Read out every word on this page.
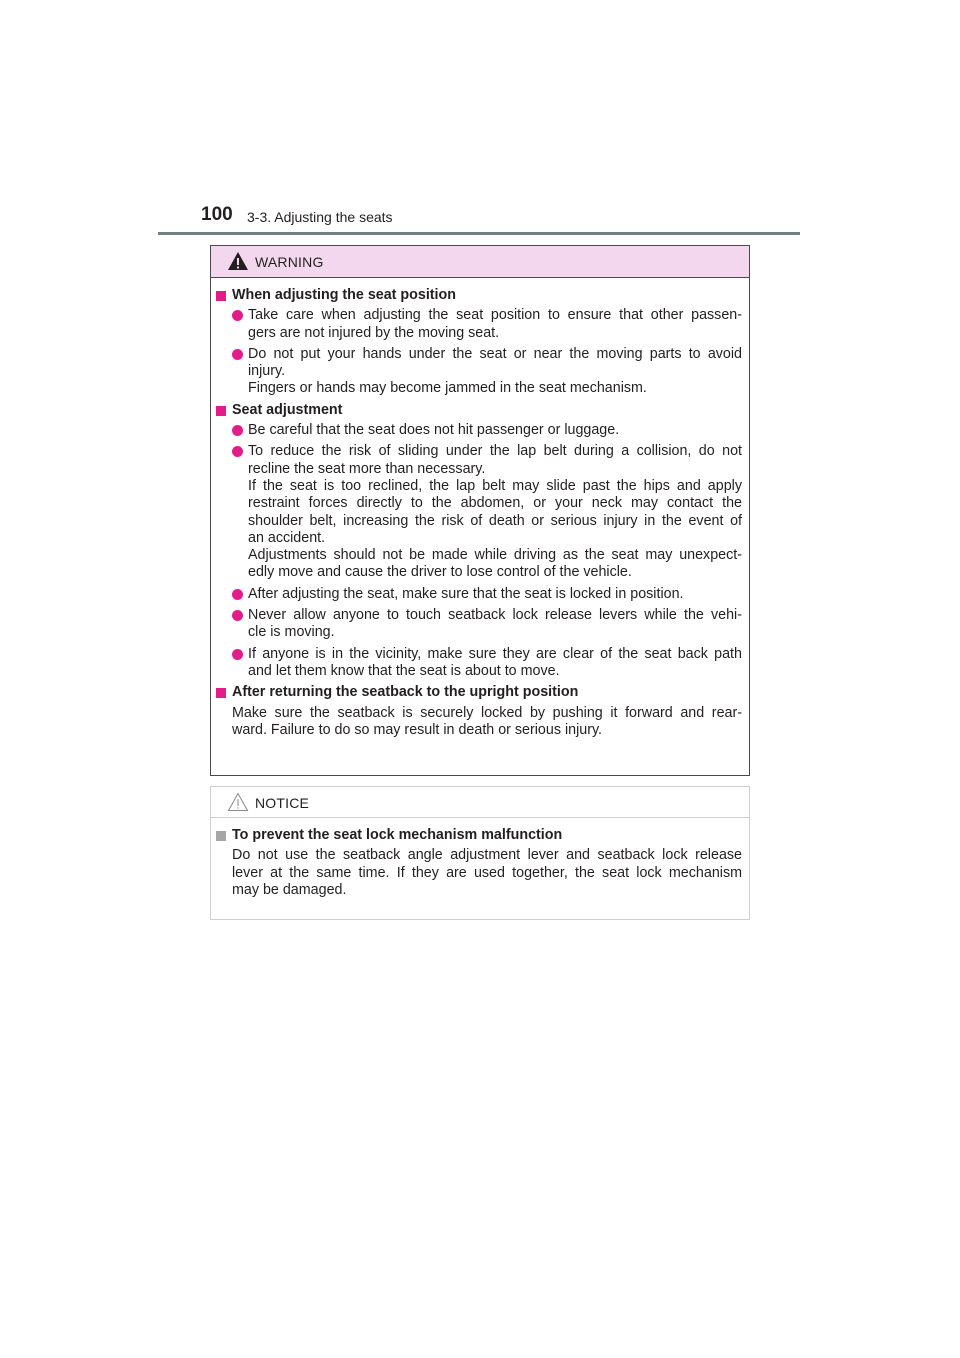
100 3-3. Adjusting the seats
WARNING
When adjusting the seat position
Take care when adjusting the seat position to ensure that other passen-
gers are not injured by the moving seat.
Do not put your hands under the seat or near the moving parts to avoid
injury.
Fingers or hands may become jammed in the seat mechanism.
Seat adjustment
Be careful that the seat does not hit passenger or luggage.
To reduce the risk of sliding under the lap belt during a collision, do not
recline the seat more than necessary.
If the seat is too reclined, the lap belt may slide past the hips and apply
restraint forces directly to the abdomen, or your neck may contact the
shoulder belt, increasing the risk of death or serious injury in the event of
an accident.
Adjustments should not be made while driving as the seat may unexpect-
edly move and cause the driver to lose control of the vehicle.
After adjusting the seat, make sure that the seat is locked in position.
Never allow anyone to touch seatback lock release levers while the vehi-
cle is moving.
If anyone is in the vicinity, make sure they are clear of the seat back path
and let them know that the seat is about to move.
After returning the seatback to the upright position
Make sure the seatback is securely locked by pushing it forward and rear-
ward. Failure to do so may result in death or serious injury.
NOTICE
To prevent the seat lock mechanism malfunction
Do not use the seatback angle adjustment lever and seatback lock release
lever at the same time. If they are used together, the seat lock mechanism
may be damaged.
